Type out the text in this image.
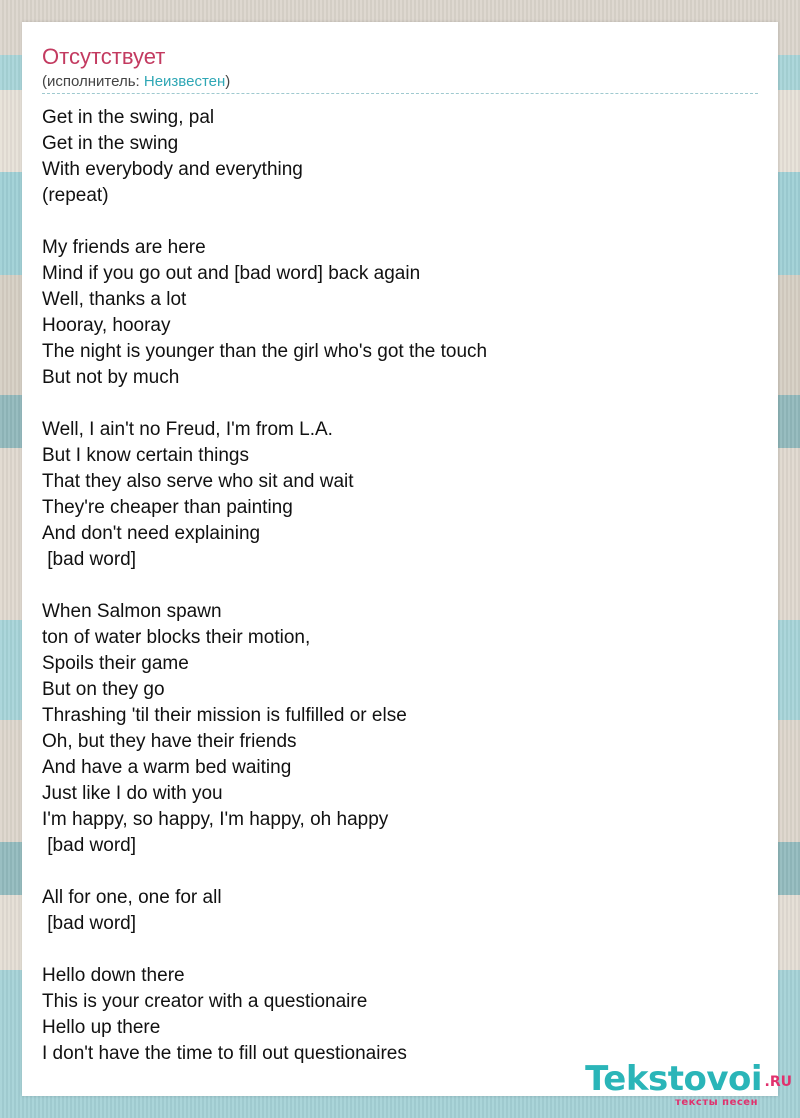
Отсутствует
(исполнитель: Неизвестен)
Get in the swing, pal
Get in the swing
With everybody and everything
(repeat)
My friends are here
Mind if you go out and [bad word] back again
Well, thanks a lot
Hooray, hooray
The night is younger than the girl who's got the touch
But not by much
Well, I ain't no Freud, I'm from L.A.
But I know certain things
That they also serve who sit and wait
They're cheaper than painting
And don't need explaining
[bad word]
When Salmon spawn
ton of water blocks their motion,
Spoils their game
But on they go
Thrashing 'til their mission is fulfilled or else
Oh, but they have their friends
And have a warm bed waiting
Just like I do with you
I'm happy, so happy, I'm happy, oh happy
[bad word]
All for one, one for all
[bad word]
Hello down there
This is your creator with a questionaire
Hello up there
I don't have the time to fill out questionaires
Tekstovoi .RU
тексты песен
